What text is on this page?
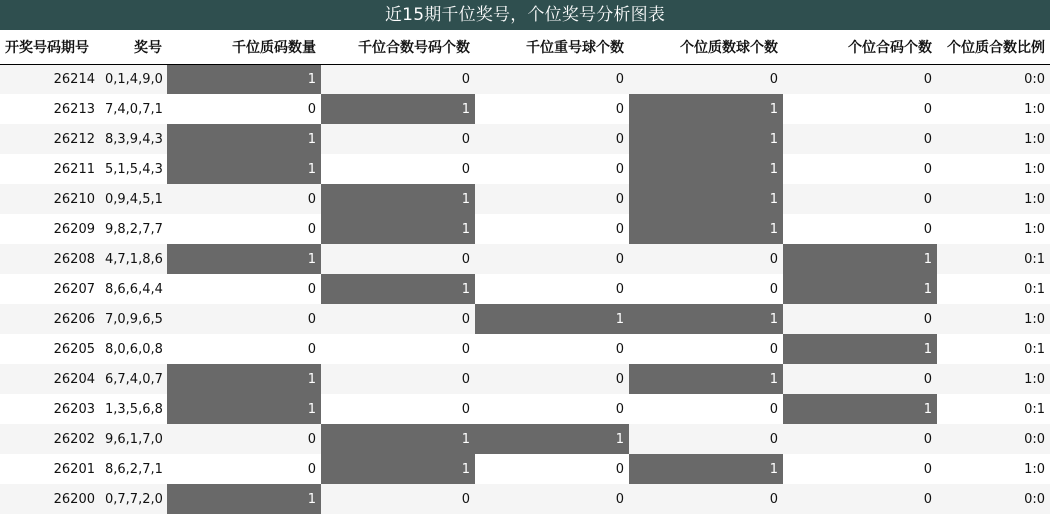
近15期千位奖号，个位奖号分析图表
开奖号码期号	奖号	千位质码数量	千位合数号码个数	千位重号球个数	个位质数球个数	个位合码个数	个位质合数比例
26214	0,1,4,9,0	1	0	0	0	0	0:0
26213	7,4,0,7,1	0	1	0	1	0	1:0
26212	8,3,9,4,3	1	0	0	1	0	1:0
26211	5,1,5,4,3	1	0	0	1	0	1:0
26210	0,9,4,5,1	0	1	0	1	0	1:0
26209	9,8,2,7,7	0	1	0	1	0	1:0
26208	4,7,1,8,6	1	0	0	0	1	0:1
26207	8,6,6,4,4	0	1	0	0	1	0:1
26206	7,0,9,6,5	0	0	1	1	0	1:0
26205	8,0,6,0,8	0	0	0	0	1	0:1
26204	6,7,4,0,7	1	0	0	1	0	1:0
26203	1,3,5,6,8	1	0	0	0	1	0:1
26202	9,6,1,7,0	0	1	1	0	0	0:0
26201	8,6,2,7,1	0	1	0	1	0	1:0
26200	0,7,7,2,0	1	0	0	0	0	0:0
